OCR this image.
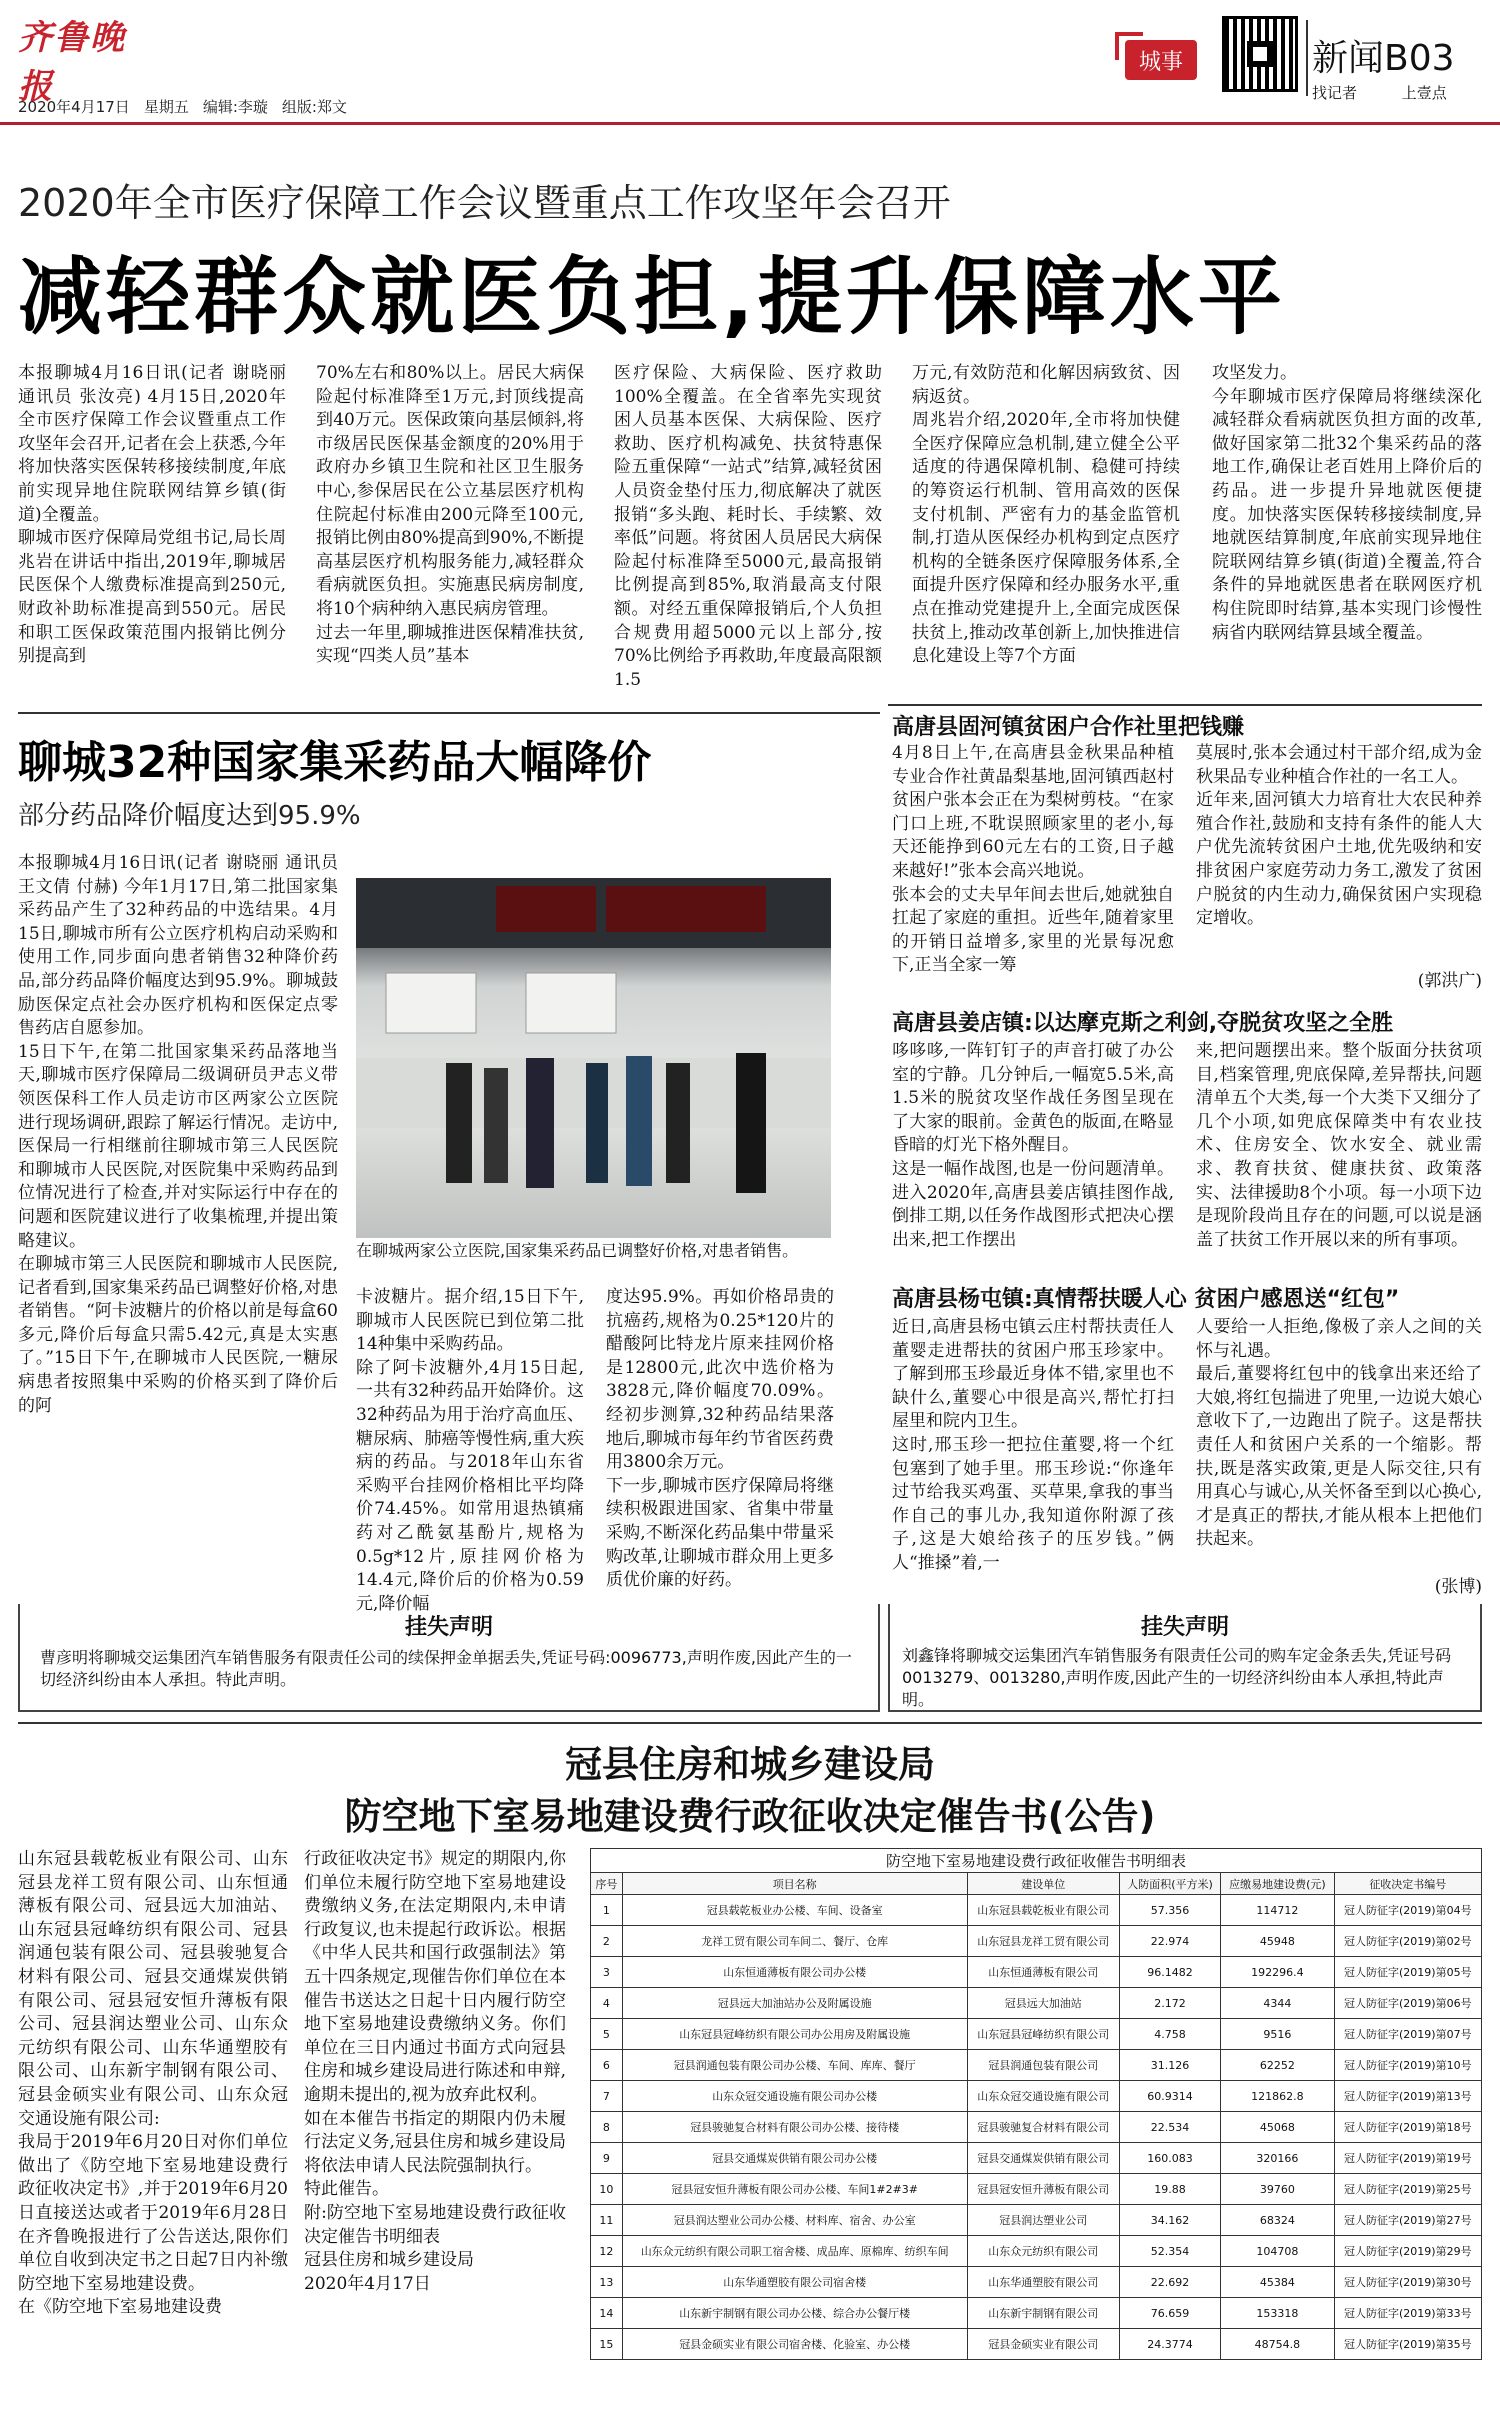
齐鲁晚报
2020年4月17日 星期五 编辑:李璇 组版:郑文
城事	新闻B03
找记者 上壹点
2020年全市医疗保障工作会议暨重点工作攻坚年会召开
减轻群众就医负担,提升保障水平
本报聊城4月16日讯(记者 谢晓丽 通讯员 张汝亮) 4月15日,2020年全市医疗保障工作会议暨重点工作攻坚年会召开,记者在会上获悉,今年将加快落实医保转移接续制度,年底前实现异地住院联网结算乡镇(街道)全覆盖。
聊城市医疗保障局党组书记,局长周兆岩在讲话中指出,2019年,聊城居民医保个人缴费标准提高到250元,财政补助标准提高到550元。居民和职工医保政策范围内报销比例分别提高到
70%左右和80%以上。居民大病保险起付标准降至1万元,封顶线提高到40万元。医保政策向基层倾斜,将市级居民医保基金额度的20%用于政府办乡镇卫生院和社区卫生服务中心,参保居民在公立基层医疗机构住院起付标准由200元降至100元,报销比例由80%提高到90%,不断提高基层医疗机构服务能力,减轻群众看病就医负担。实施惠民病房制度,将10个病种纳入惠民病房管理。
过去一年里,聊城推进医保精准扶贫,实现“四类人员”基本
医疗保险、大病保险、医疗救助100%全覆盖。在全省率先实现贫困人员基本医保、大病保险、医疗救助、医疗机构减免、扶贫特惠保险五重保障“一站式”结算,减轻贫困人员资金垫付压力,彻底解决了就医报销“多头跑、耗时长、手续繁、效率低”问题。将贫困人员居民大病保险起付标准降至5000元,最高报销比例提高到85%,取消最高支付限额。对经五重保障报销后,个人负担合规费用超5000元以上部分,按70%比例给予再救助,年度最高限额1.5
万元,有效防范和化解因病致贫、因病返贫。
周兆岩介绍,2020年,全市将加快健全医疗保障应急机制,建立健全公平适度的待遇保障机制、稳健可持续的筹资运行机制、管用高效的医保支付机制、严密有力的基金监管机制,打造从医保经办机构到定点医疗机构的全链条医疗保障服务体系,全面提升医疗保障和经办服务水平,重点在推动党建提升上,全面完成医保扶贫上,推动改革创新上,加快推进信息化建设上等7个方面
攻坚发力。
今年聊城市医疗保障局将继续深化减轻群众看病就医负担方面的改革,做好国家第二批32个集采药品的落地工作,确保让老百姓用上降价后的药品。进一步提升异地就医便捷度。加快落实医保转移接续制度,异地就医结算制度,年底前实现异地住院联网结算乡镇(街道)全覆盖,符合条件的异地就医患者在联网医疗机构住院即时结算,基本实现门诊慢性病省内联网结算县域全覆盖。
聊城32种国家集采药品大幅降价
部分药品降价幅度达到95.9%
本报聊城4月16日讯(记者 谢晓丽 通讯员 王文倩 付赫) 今年1月17日,第二批国家集采药品产生了32种药品的中选结果。4月15日,聊城市所有公立医疗机构启动采购和使用工作,同步面向患者销售32种降价药品,部分药品降价幅度达到95.9%。聊城鼓励医保定点社会办医疗机构和医保定点零售药店自愿参加。
15日下午,在第二批国家集采药品落地当天,聊城市医疗保障局二级调研员尹志义带领医保科工作人员走访市区两家公立医院进行现场调研,跟踪了解运行情况。走访中,医保局一行相继前往聊城市第三人民医院和聊城市人民医院,对医院集中采购药品到位情况进行了检查,并对实际运行中存在的问题和医院建议进行了收集梳理,并提出策略建议。
在聊城市第三人民医院和聊城市人民医院,记者看到,国家集采药品已调整好价格,对患者销售。“阿卡波糖片的价格以前是每盒60多元,降价后每盒只需5.42元,真是太实惠了。”15日下午,在聊城市人民医院,一糖尿病患者按照集中采购的价格买到了降价后的阿
在聊城两家公立医院,国家集采药品已调整好价格,对患者销售。
卡波糖片。据介绍,15日下午,聊城市人民医院已到位第二批14种集中采购药品。
除了阿卡波糖外,4月15日起,一共有32种药品开始降价。这32种药品为用于治疗高血压、糖尿病、肺癌等慢性病,重大疾病的药品。与2018年山东省采购平台挂网价格相比平均降价74.45%。如常用退热镇痛药对乙酰氨基酚片,规格为0.5g*12片,原挂网价格为14.4元,降价后的价格为0.59元,降价幅
度达95.9%。再如价格昂贵的抗癌药,规格为0.25*120片的醋酸阿比特龙片原来挂网价格是12800元,此次中选价格为3828元,降价幅度70.09%。经初步测算,32种药品结果落地后,聊城市每年约节省医药费用3800余万元。
下一步,聊城市医疗保障局将继续积极跟进国家、省集中带量采购,不断深化药品集中带量采购改革,让聊城市群众用上更多质优价廉的好药。
高唐县固河镇贫困户合作社里把钱赚
4月8日上午,在高唐县金秋果品种植专业合作社黄晶梨基地,固河镇西赵村贫困户张本会正在为梨树剪枝。“在家门口上班,不耽误照顾家里的老小,每天还能挣到60元左右的工资,日子越来越好!”张本会高兴地说。
张本会的丈夫早年间去世后,她就独自扛起了家庭的重担。近些年,随着家里的开销日益增多,家里的光景每况愈下,正当全家一筹
莫展时,张本会通过村干部介绍,成为金秋果品专业种植合作社的一名工人。
近年来,固河镇大力培育壮大农民种养殖合作社,鼓励和支持有条件的能人大户优先流转贫困户土地,优先吸纳和安排贫困户家庭劳动力务工,激发了贫困户脱贫的内生动力,确保贫困户实现稳定增收。
(郭洪广)
高唐县姜店镇:以达摩克斯之利剑,夺脱贫攻坚之全胜
哆哆哆,一阵钉钉子的声音打破了办公室的宁静。几分钟后,一幅宽5.5米,高1.5米的脱贫攻坚作战任务图呈现在了大家的眼前。金黄色的版面,在略显昏暗的灯光下格外醒目。
这是一幅作战图,也是一份问题清单。进入2020年,高唐县姜店镇挂图作战,倒排工期,以任务作战图形式把决心摆出来,把工作摆出
来,把问题摆出来。整个版面分扶贫项目,档案管理,兜底保障,差异帮扶,问题清单五个大类,每一个大类下又细分了几个小项,如兜底保障类中有农业技术、住房安全、饮水安全、就业需求、教育扶贫、健康扶贫、政策落实、法律援助8个小项。每一小项下边是现阶段尚且存在的问题,可以说是涵盖了扶贫工作开展以来的所有事项。
高唐县杨屯镇:真情帮扶暖人心 贫困户感恩送“红包”
近日,高唐县杨屯镇云庄村帮扶责任人董婴走进帮扶的贫困户邢玉珍家中。了解到邢玉珍最近身体不错,家里也不缺什么,董婴心中很是高兴,帮忙打扫屋里和院内卫生。
这时,邢玉珍一把拉住董婴,将一个红包塞到了她手里。邢玉珍说:“你逢年过节给我买鸡蛋、买草果,拿我的事当作自己的事儿办,我知道你附源了孩子,这是大娘给孩子的压岁钱。”俩人“推搡”着,一
人要给一人拒绝,像极了亲人之间的关怀与礼遇。
最后,董婴将红包中的钱拿出来还给了大娘,将红包揣进了兜里,一边说大娘心意收下了,一边跑出了院子。这是帮扶责任人和贫困户关系的一个缩影。帮扶,既是落实政策,更是人际交往,只有用真心与诚心,从关怀备至到以心换心,才是真正的帮扶,才能从根本上把他们扶起来。
(张博)
挂失声明
曹彦明将聊城交运集团汽车销售服务有限责任公司的续保押金单据丢失,凭证号码:0096773,声明作废,因此产生的一切经济纠纷由本人承担。特此声明。
挂失声明
刘鑫锋将聊城交运集团汽车销售服务有限责任公司的购车定金条丢失,凭证号码0013279、0013280,声明作废,因此产生的一切经济纠纷由本人承担,特此声明。
冠县住房和城乡建设局
防空地下室易地建设费行政征收决定催告书(公告)
山东冠县载乾板业有限公司、山东冠县龙祥工贸有限公司、山东恒通薄板有限公司、冠县远大加油站、山东冠县冠峰纺织有限公司、冠县润通包装有限公司、冠县骏驰复合材料有限公司、冠县交通煤炭供销有限公司、冠县冠安恒升薄板有限公司、冠县润达塑业公司、山东众元纺织有限公司、山东华通塑胶有限公司、山东新宇制钢有限公司、冠县金硕实业有限公司、山东众冠交通设施有限公司:
我局于2019年6月20日对你们单位做出了《防空地下室易地建设费行政征收决定书》,并于2019年6月20日直接送达或者于2019年6月28日在齐鲁晚报进行了公告送达,限你们单位自收到决定书之日起7日内补缴防空地下室易地建设费。
在《防空地下室易地建设费
行政征收决定书》规定的期限内,你们单位未履行防空地下室易地建设费缴纳义务,在法定期限内,未申请行政复议,也未提起行政诉讼。根据《中华人民共和国行政强制法》第五十四条规定,现催告你们单位在本催告书送达之日起十日内履行防空地下室易地建设费缴纳义务。你们单位在三日内通过书面方式向冠县住房和城乡建设局进行陈述和申辩,逾期未提出的,视为放弃此权利。
如在本催告书指定的期限内仍未履行法定义务,冠县住房和城乡建设局将依法申请人民法院强制执行。
特此催告。
附:防空地下室易地建设费行政征收决定催告书明细表
冠县住房和城乡建设局
2020年4月17日
防空地下室易地建设费行政征收催告书明细表
序号	项目名称	建设单位	人防面积(平方米)	应缴易地建设费(元)	征收决定书编号
1	冠县载乾板业办公楼、车间、设备室	山东冠县载乾板业有限公司	57.356	114712	冠人防征字(2019)第04号
2	龙祥工贸有限公司车间二、餐厅、仓库	山东冠县龙祥工贸有限公司	22.974	45948	冠人防征字(2019)第02号
3	山东恒通薄板有限公司办公楼	山东恒通薄板有限公司	96.1482	192296.4	冠人防征字(2019)第05号
4	冠县远大加油站办公及附属设施	冠县远大加油站	2.172	4344	冠人防征字(2019)第06号
5	山东冠县冠峰纺织有限公司办公用房及附属设施	山东冠县冠峰纺织有限公司	4.758	9516	冠人防征字(2019)第07号
6	冠县润通包装有限公司办公楼、车间、库库、餐厅	冠县润通包装有限公司	31.126	62252	冠人防征字(2019)第10号
7	山东众冠交通设施有限公司办公楼	山东众冠交通设施有限公司	60.9314	121862.8	冠人防征字(2019)第13号
8	冠县骏驰复合材料有限公司办公楼、接待楼	冠县骏驰复合材料有限公司	22.534	45068	冠人防征字(2019)第18号
9	冠县交通煤炭供销有限公司办公楼	冠县交通煤炭供销有限公司	160.083	320166	冠人防征字(2019)第19号
10	冠县冠安恒升薄板有限公司办公楼、车间1#2#3#	冠县冠安恒升薄板有限公司	19.88	39760	冠人防征字(2019)第25号
11	冠县润达塑业公司办公楼、材料库、宿舍、办公室	冠县润达塑业公司	34.162	68324	冠人防征字(2019)第27号
12	山东众元纺织有限公司职工宿舍楼、成品库、原棉库、纺织车间	山东众元纺织有限公司	52.354	104708	冠人防征字(2019)第29号
13	山东华通塑胶有限公司宿舍楼	山东华通塑胶有限公司	22.692	45384	冠人防征字(2019)第30号
14	山东新宇制钢有限公司办公楼、综合办公餐厅楼	山东新宇制钢有限公司	76.659	153318	冠人防征字(2019)第33号
15	冠县金硕实业有限公司宿舍楼、化验室、办公楼	冠县金硕实业有限公司	24.3774	48754.8	冠人防征字(2019)第35号
